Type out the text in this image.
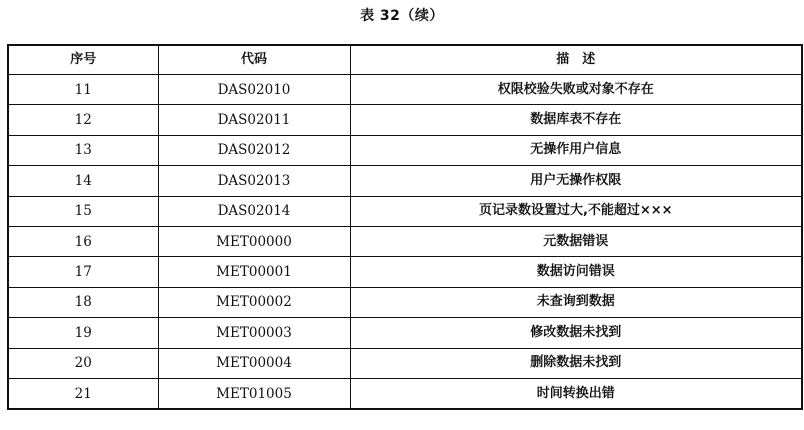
表 32（续）
序号	代码	描　述
11	DAS02010	权限校验失败或对象不存在
12	DAS02011	数据库表不存在
13	DAS02012	无操作用户信息
14	DAS02013	用户无操作权限
15	DAS02014	页记录数设置过大,不能超过×××
16	MET00000	元数据错误
17	MET00001	数据访问错误
18	MET00002	未查询到数据
19	MET00003	修改数据未找到
20	MET00004	删除数据未找到
21	MET01005	时间转换出错
